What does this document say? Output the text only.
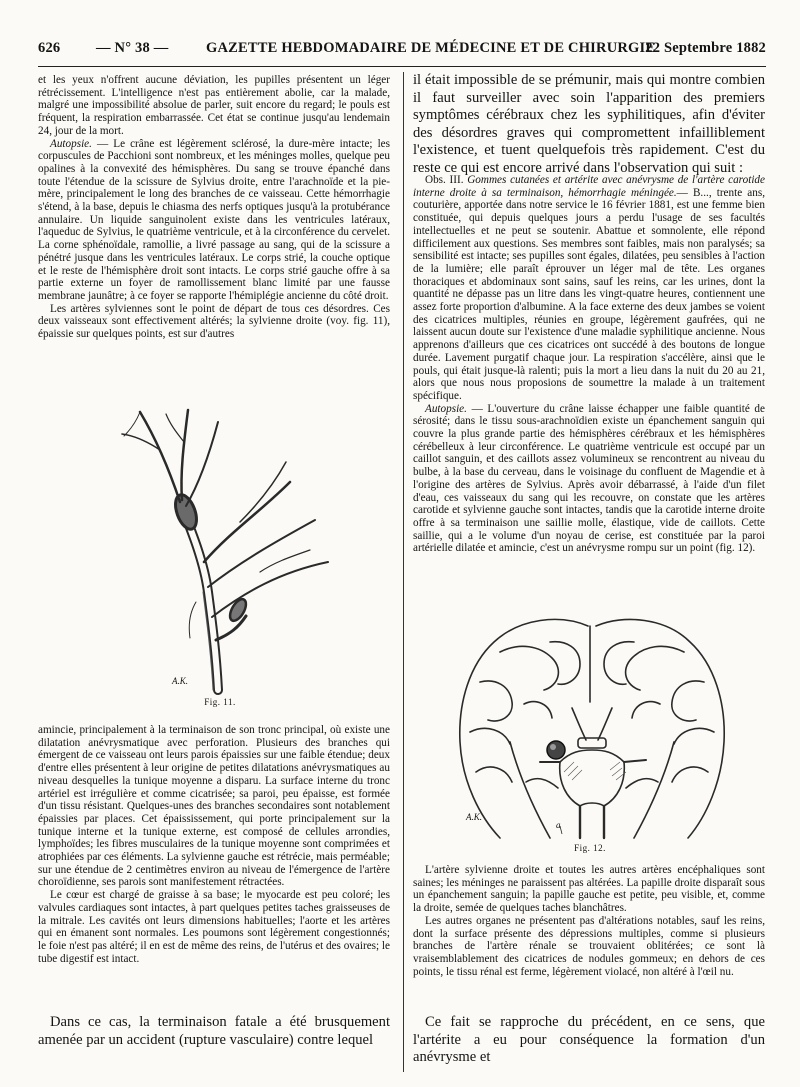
626 — N° 38 —	GAZETTE HEBDOMADAIRE DE MÉDECINE ET DE CHIRURGIE
22 Septembre 1882

et les yeux n'offrent aucune déviation, les pupilles présentent un léger rétrécissement. L'intelligence n'est pas entièrement abolie, car la malade, malgré une impossibilité absolue de parler, suit encore du regard; le pouls est fréquent, la respiration embarrassée. Cet état se continue jusqu'au lendemain 24, jour de la mort.

Autopsie. — Le crâne est légèrement sclérosé, la dure-mère intacte; les corpuscules de Pacchioni sont nombreux, et les méninges molles, quelque peu opalines à la convexité des hémisphères. Du sang se trouve épanché dans toute l'étendue de la scissure de Sylvius droite, entre l'arachnoïde et la pie-mère, principalement le long des branches de ce vaisseau. Cette hémorrhagie s'étend, à la base, depuis le chiasma des nerfs optiques jusqu'à la protubérance annulaire. Un liquide sanguinolent existe dans les ventricules latéraux, l'aqueduc de Sylvius, le quatrième ventricule, et à la circonférence du cervelet. La corne sphénoïdale, ramollie, a livré passage au sang, qui de la scissure a pénétré jusque dans les ventricules latéraux. Le corps strié, la couche optique et le reste de l'hémisphère droit sont intacts. Le corps strié gauche offre à sa partie externe un foyer de ramollissement blanc limité par une fausse membrane jaunâtre; à ce foyer se rapporte l'hémiplégie ancienne du côté droit.

Les artères sylviennes sont le point de départ de tous ces désordres. Ces deux vaisseaux sont effectivement altérés; la sylvienne droite (voy. fig. 11), épaissie sur quelques points, est sur d'autres

A.K.
Fig. 11.

amincie, principalement à la terminaison de son tronc principal, où existe une dilatation anévrysmatique avec perforation. Plusieurs des branches qui émergent de ce vaisseau ont leurs parois épaissies sur une faible étendue; deux d'entre elles présentent à leur origine de petites dilatations anévrysmatiques au niveau desquelles la tunique moyenne a disparu. La surface interne du tronc artériel est irrégulière et comme cicatrisée; sa paroi, peu épaisse, est formée d'un tissu résistant. Quelques-unes des branches secondaires sont notablement épaissies par places. Cet épaississement, qui porte principalement sur la tunique interne et la tunique externe, est composé de cellules arrondies, lymphoïdes; les fibres musculaires de la tunique moyenne sont comprimées et atrophiées par ces éléments. La sylvienne gauche est rétrécie, mais perméable; sur une étendue de 2 centimètres environ au niveau de l'émergence de l'artère choroïdienne, ses parois sont manifestement rétractées.

Le cœur est chargé de graisse à sa base; le myocarde est peu coloré; les valvules cardiaques sont intactes, à part quelques petites taches graisseuses de la mitrale. Les cavités ont leurs dimensions habituelles; l'aorte et les artères qui en émanent sont normales. Les poumons sont légèrement congestionnés; le foie n'est pas altéré; il en est de même des reins, de l'utérus et des ovaires; le tube digestif est intact.

Dans ce cas, la terminaison fatale a été brusquement amenée par un accident (rupture vasculaire) contre lequel

il était impossible de se prémunir, mais qui montre combien il faut surveiller avec soin l'apparition des premiers symptômes cérébraux chez les syphilitiques, afin d'éviter des désordres graves qui compromettent infailliblement l'existence, et tuent quelquefois très rapidement. C'est du reste ce qui est encore arrivé dans l'observation qui suit :

Obs. III. Gommes cutanées et artérite avec anévrysme de l'artère carotide interne droite à sa terminaison, hémorrhagie méningée.— B..., trente ans, couturière, apportée dans notre service le 16 février 1881, est une femme bien constituée, qui depuis quelques jours a perdu l'usage de ses facultés intellectuelles et ne peut se soutenir. Abattue et somnolente, elle répond difficilement aux questions. Ses membres sont faibles, mais non paralysés; sa sensibilité est intacte; ses pupilles sont égales, dilatées, peu sensibles à l'action de la lumière; elle paraît éprouver un léger mal de tête. Les organes thoraciques et abdominaux sont sains, sauf les reins, car les urines, dont la quantité ne dépasse pas un litre dans les vingt-quatre heures, contiennent une assez forte proportion d'albumine. A la face externe des deux jambes se voient des cicatrices multiples, réunies en groupe, légèrement gaufrées, qui ne laissent aucun doute sur l'existence d'une maladie syphilitique ancienne. Nous apprenons d'ailleurs que ces cicatrices ont succédé à des boutons de longue durée. Lavement purgatif chaque jour. La respiration s'accélère, ainsi que le pouls, qui était jusque-là ralenti; puis la mort a lieu dans la nuit du 20 au 21, alors que nous nous proposions de soumettre la malade à un traitement spécifique.

Autopsie. — L'ouverture du crâne laisse échapper une faible quantité de sérosité; dans le tissu sous-arachnoïdien existe un épanchement sanguin qui couvre la plus grande partie des hémisphères cérébraux et les hémisphères cérébelleux à leur circonférence. Le quatrième ventricule est occupé par un caillot sanguin, et des caillots assez volumineux se rencontrent au niveau du bulbe, à la base du cerveau, dans le voisinage du confluent de Magendie et à l'origine des artères de Sylvius. Après avoir débarrassé, à l'aide d'un filet d'eau, ces vaisseaux du sang qui les recouvre, on constate que les artères carotide et sylvienne gauche sont intactes, tandis que la carotide interne droite offre à sa terminaison une saillie molle, élastique, vide de caillots. Cette saillie, qui a le volume d'un noyau de cerise, est constituée par la paroi artérielle dilatée et amincie, c'est un anévrysme rompu sur un point (fig. 12).

A.K.
a
Fig. 12.

L'artère sylvienne droite et toutes les autres artères encéphaliques sont saines; les méninges ne paraissent pas altérées. La papille droite disparaît sous un épanchement sanguin; la papille gauche est petite, peu visible, et, comme la droite, semée de quelques taches blanchâtres.

Les autres organes ne présentent pas d'altérations notables, sauf les reins, dont la surface présente des dépressions multiples, comme si plusieurs branches de l'artère rénale se trouvaient oblitérées; ce sont là vraisemblablement des cicatrices de nodules gommeux; en dehors de ces points, le tissu rénal est ferme, légèrement violacé, non altéré à l'œil nu.

Ce fait se rapproche du précédent, en ce sens, que l'artérite a eu pour conséquence la formation d'un anévrysme et
